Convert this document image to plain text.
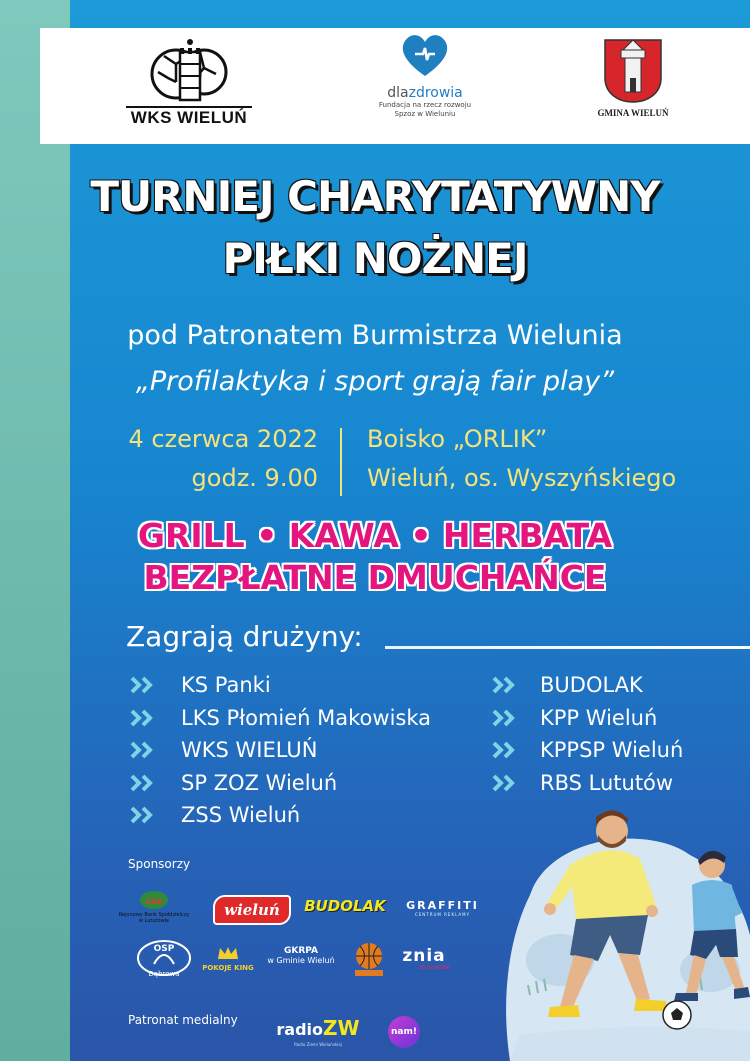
WKS WIELUŃ
dlazdrowia
Fundacja na rzecz rozwoju
Spzoz w Wieluniu	GMINA WIELUŃ
TURNIEJ CHARYTATYWNY
PIŁKI NOŻNEJ
pod Patronatem Burmistrza Wielunia
„Profilaktyka i sport grają fair play”
4 czerwca 2022
godz. 9.00
Boisko „ORLIK”
Wieluń, os. Wyszyńskiego
GRILL • KAWA • HERBATA
BEZPŁATNE DMUCHAŃCE
Zagrają drużyny:
KS Panki
LKS Płomień Makowiska
WKS WIELUŃ
SP ZOZ Wieluń
ZSS Wieluń
BUDOLAK
KPP Wieluń
KPPSP Wieluń
RBS Lututów
Sponsorzy
SGB
Rejonowy Bank Spółdzielczy
w Lututowie
wieluń	BUDOLAK	GRAFFITI
CENTRUM REKLAMY
OSP
Dąbrowa
POKOJE KING
GKRPA
w Gminie Wieluń	znia
30 lat WOŚP
Patronat medialny radioZW
Radio Ziemi Wieluńskiej
nam!
